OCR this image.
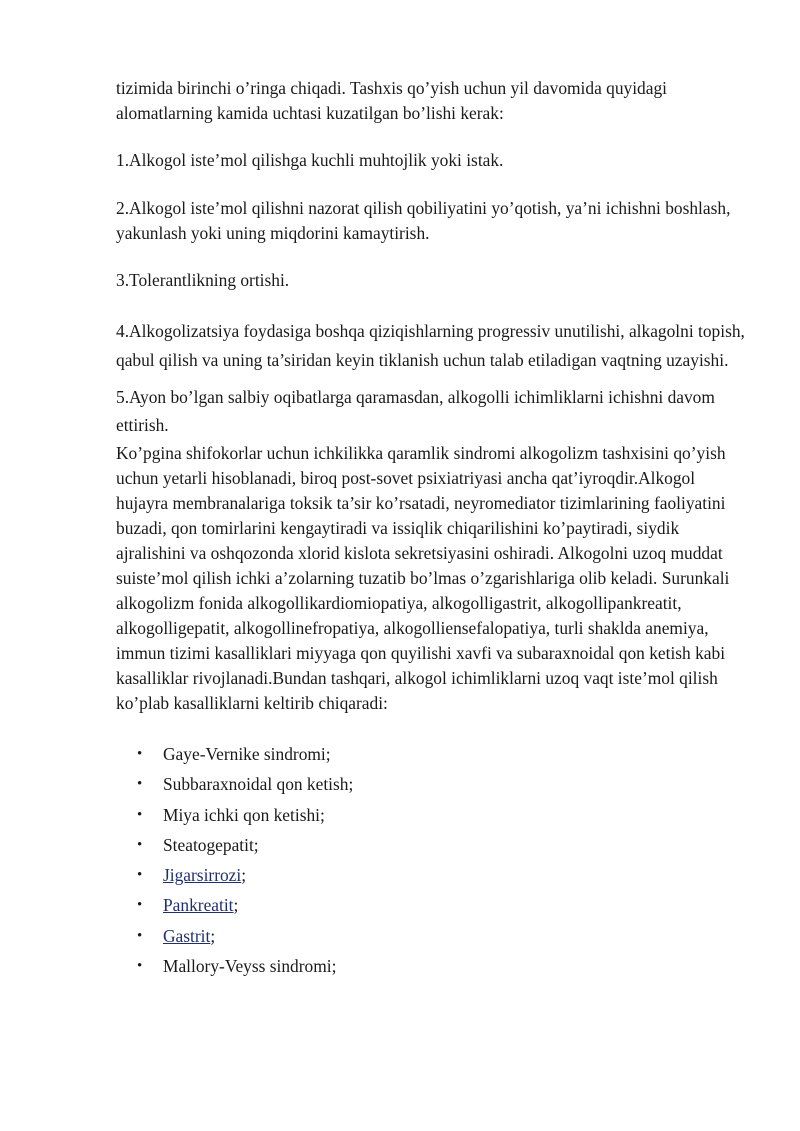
tizimida birinchi o’ringa chiqadi. Tashxis qo’yish uchun yil davomida quyidagi alomatlarning kamida uchtasi kuzatilgan bo’lishi kerak:

1.Alkogol iste’mol qilishga kuchli muhtojlik yoki istak.

2.Alkogol iste’mol qilishni nazorat qilish qobiliyatini yo’qotish, ya’ni ichishni boshlash, yakunlash yoki uning miqdorini kamaytirish.

3.Tolerantlikning ortishi.

4.Alkogolizatsiya foydasiga boshqa qiziqishlarning progressiv unutilishi, alkagolni topish, qabul qilish va uning ta’siridan keyin tiklanish uchun talab etiladigan vaqtning uzayishi.

5.Ayon bo’lgan salbiy oqibatlarga qaramasdan, alkogolli ichimliklarni ichishni davom ettirish.

Ko’pgina shifokorlar uchun ichkilikka qaramlik sindromi alkogolizm tashxisini qo’yish uchun yetarli hisoblanadi, biroq post-sovet psixiatriyasi ancha qat’iyroqdir.Alkogol hujayra membranalariga toksik ta’sir ko’rsatadi, neyromediator tizimlarining faoliyatini buzadi, qon tomirlarini kengaytiradi va issiqlik chiqarilishini ko’paytiradi, siydik ajralishini va oshqozonda xlorid kislota sekretsiyasini oshiradi. Alkogolni uzoq muddat suiste’mol qilish ichki a’zolarning tuzatib bo’lmas o’zgarishlariga olib keladi. Surunkali alkogolizm fonida alkogollikardiomiopatiya, alkogolligastrit, alkogollipankreatit, alkogolligepatit, alkogollinefropatiya, alkogolliensefalopatiya, turli shaklda anemiya, immun tizimi kasalliklari miyyaga qon quyilishi xavfi va subaraxnoidal qon ketish kabi kasalliklar rivojlanadi.Bundan tashqari, alkogol ichimliklarni uzoq vaqt iste’mol qilish ko’plab kasalliklarni keltirib chiqaradi:

• Gaye-Vernike sindromi;
• Subbaraxnoidal qon ketish;
• Miya ichki qon ketishi;
• Steatogepatit;
• Jigarsirrozi;
• Pankreatit;
• Gastrit;
• Mallory-Veyss sindromi;
